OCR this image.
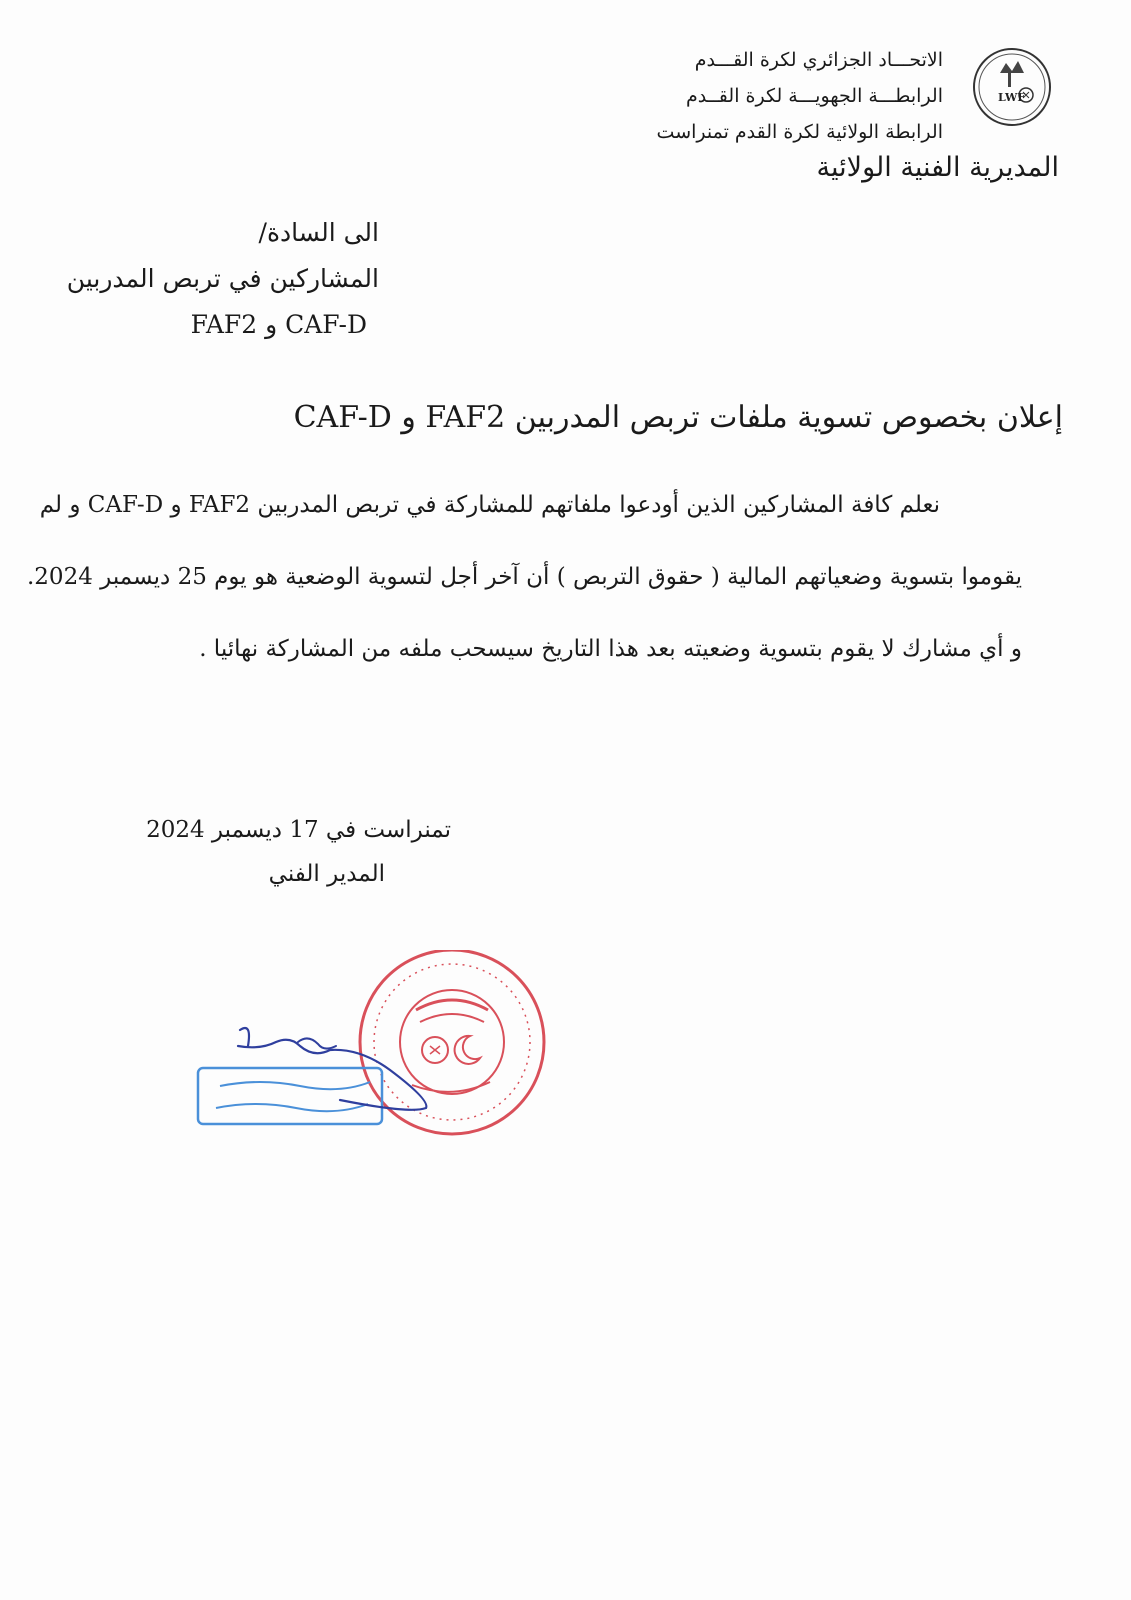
LWF
الاتحـــاد الجزائري لكرة القـــدم
الرابطـــة الجهويـــة لكرة القــدم
الرابطة الولائية لكرة القدم تمنراست
المديرية الفنية الولائية
الى السادة/
المشاركين في تربص المدربين
CAF-D و FAF2
إعلان بخصوص تسوية ملفات تربص المدربين FAF2 و CAF-D
نعلم كافة المشاركين الذين أودعوا ملفاتهم للمشاركة في تربص المدربين FAF2 و CAF-D و لم
يقوموا بتسوية وضعياتهم المالية ( حقوق التربص ) أن آخر أجل لتسوية الوضعية هو يوم 25 ديسمبر 2024.
و أي مشارك لا يقوم بتسوية وضعيته بعد هذا التاريخ سيسحب ملفه من المشاركة نهائيا .
تمنراست في 17 ديسمبر 2024
المدير الفني
